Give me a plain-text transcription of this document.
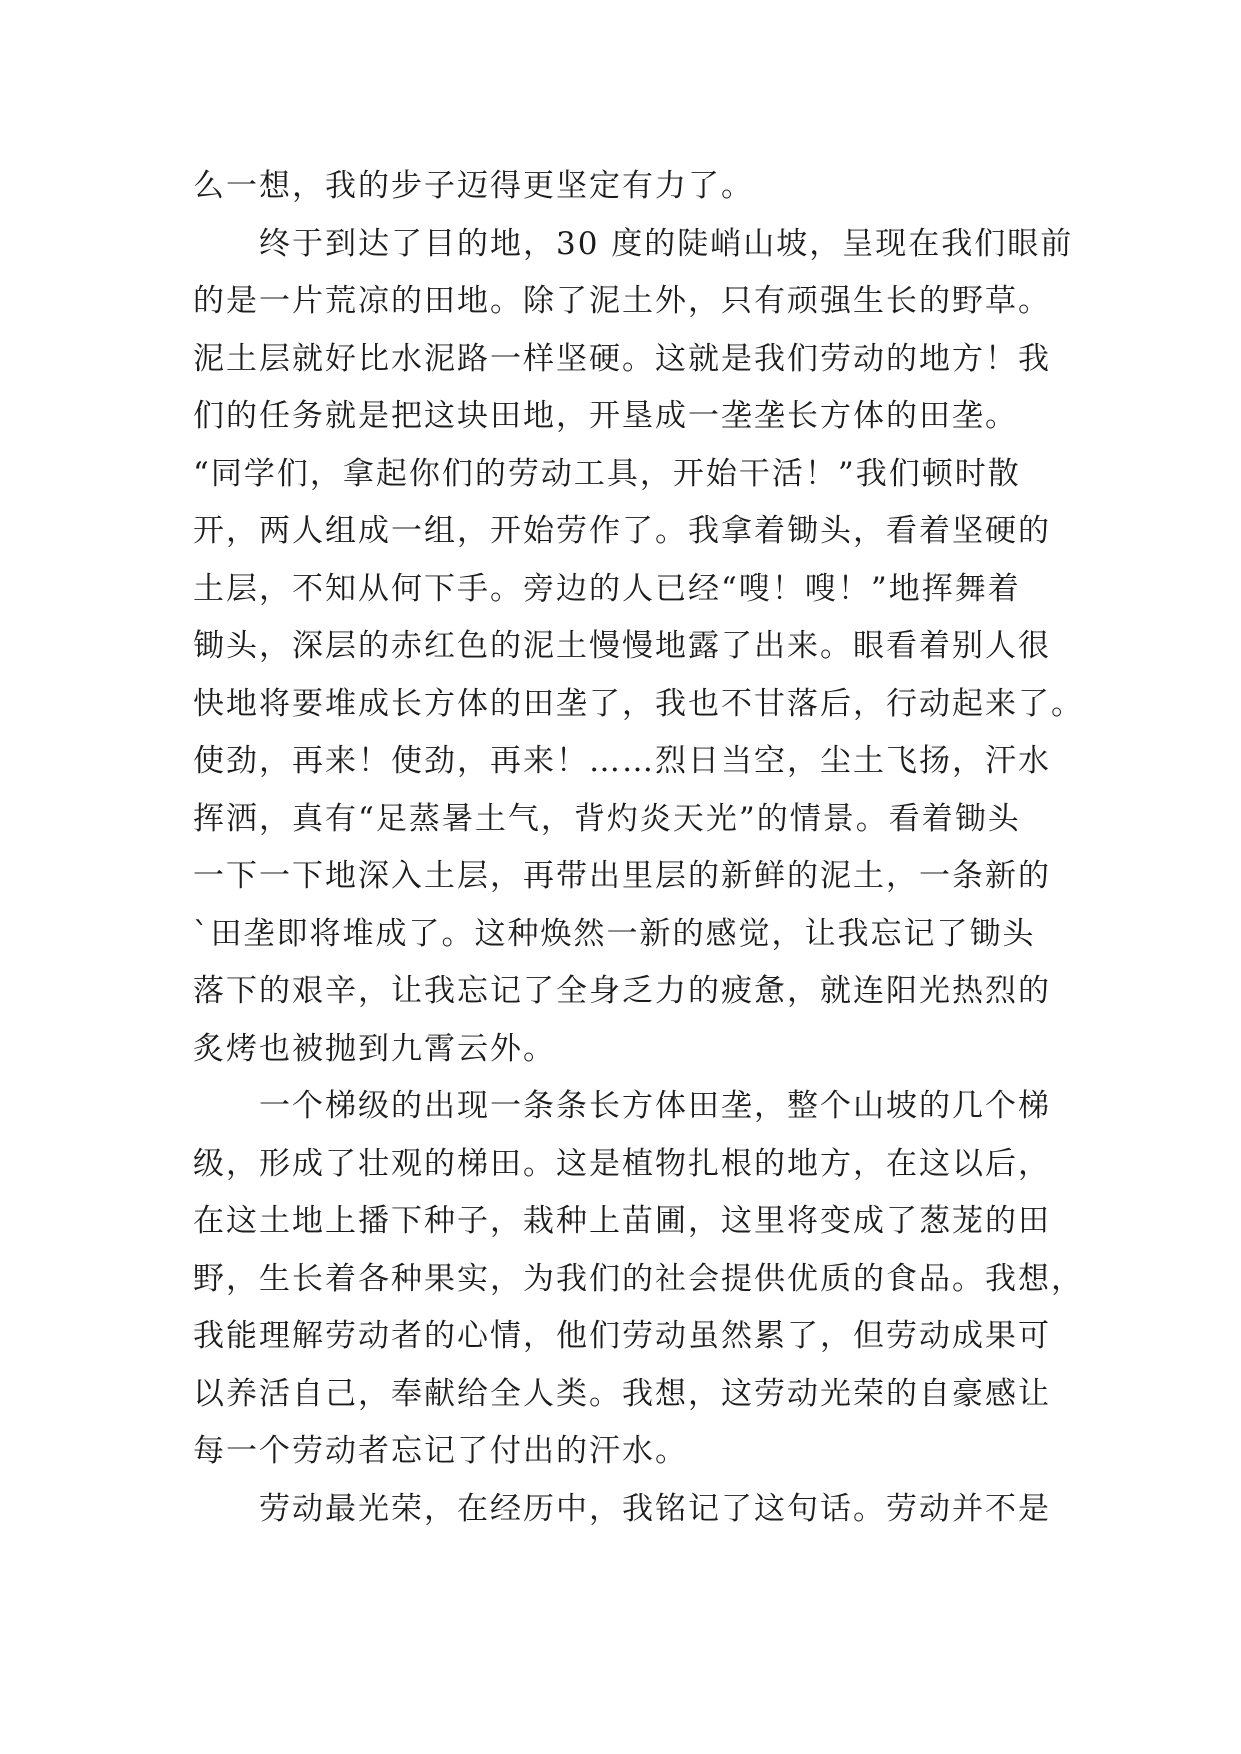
么一想，我的步子迈得更坚定有力了。
　　终于到达了目的地，30 度的陡峭山坡，呈现在我们眼前
的是一片荒凉的田地。除了泥土外，只有顽强生长的野草。
泥土层就好比水泥路一样坚硬。这就是我们劳动的地方！我
们的任务就是把这块田地，开垦成一垄垄长方体的田垄。
“同学们，拿起你们的劳动工具，开始干活！”我们顿时散
开，两人组成一组，开始劳作了。我拿着锄头，看着坚硬的
土层，不知从何下手。旁边的人已经“嗖！嗖！”地挥舞着
锄头，深层的赤红色的泥土慢慢地露了出来。眼看着别人很
快地将要堆成长方体的田垄了，我也不甘落后，行动起来了。
使劲，再来！使劲，再来！……烈日当空，尘土飞扬，汗水
挥洒，真有“足蒸暑土气，背灼炎天光”的情景。看着锄头
一下一下地深入土层，再带出里层的新鲜的泥土，一条新的
`田垄即将堆成了。这种焕然一新的感觉，让我忘记了锄头
落下的艰辛，让我忘记了全身乏力的疲惫，就连阳光热烈的
炙烤也被抛到九霄云外。
　　一个梯级的出现一条条长方体田垄，整个山坡的几个梯
级，形成了壮观的梯田。这是植物扎根的地方，在这以后，
在这土地上播下种子，栽种上苗圃，这里将变成了葱茏的田
野，生长着各种果实，为我们的社会提供优质的食品。我想，
我能理解劳动者的心情，他们劳动虽然累了，但劳动成果可
以养活自己，奉献给全人类。我想，这劳动光荣的自豪感让
每一个劳动者忘记了付出的汗水。
　　劳动最光荣，在经历中，我铭记了这句话。劳动并不是
